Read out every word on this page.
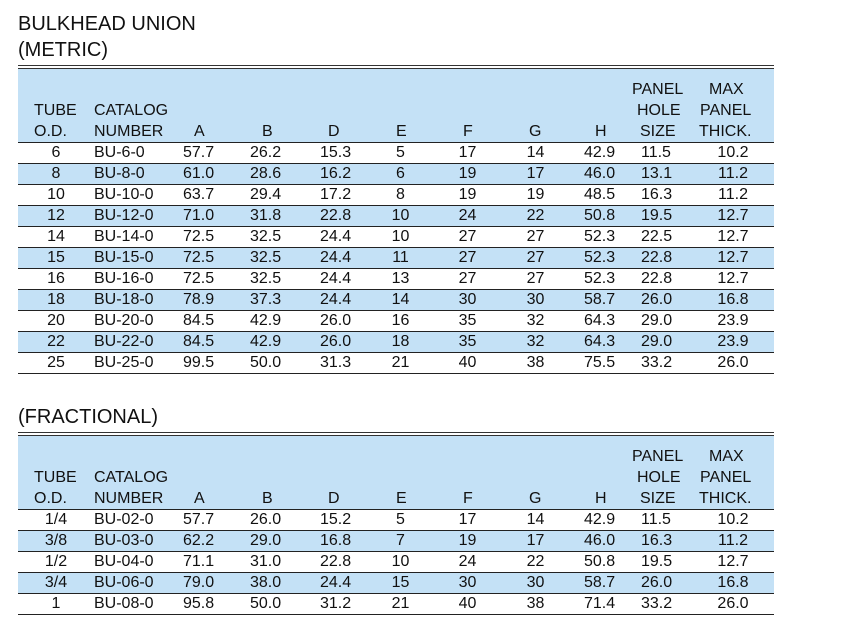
BULKHEAD UNION
(METRIC)
TUBE
O.D.
CATALOG
NUMBER A	B	D	E	F	G	H
PANEL
HOLE
SIZE
MAX
PANEL
THICK.
6	BU-6-0 57.7 26.2 15.3	5	17	14	42.9 11.5	10.2
8	BU-8-0 61.0 28.6 16.2	6	19	17	46.0 13.1	11.2
10	BU-10-0 63.7 29.4 17.2	8	19	19	48.5 16.3	11.2
12	BU-12-0 71.0 31.8 22.8	10	24	22	50.8 19.5	12.7
14	BU-14-0 72.5 32.5 24.4	10	27	27	52.3 22.5	12.7
15	BU-15-0 72.5 32.5 24.4	11	27	27	52.3 22.8	12.7
16	BU-16-0 72.5 32.5 24.4	13	27	27	52.3 22.8	12.7
18	BU-18-0 78.9 37.3 24.4	14	30	30	58.7 26.0	16.8
20	BU-20-0 84.5 42.9 26.0	16	35	32	64.3 29.0	23.9
22	BU-22-0 84.5 42.9 26.0	18	35	32	64.3 29.0	23.9
25	BU-25-0 99.5 50.0 31.3	21	40	38	75.5 33.2	26.0
(FRACTIONAL)
TUBE
O.D.
CATALOG
NUMBER A	B	D	E	F	G	H
PANEL
HOLE
SIZE
MAX
PANEL
THICK.
1/4	BU-02-0 57.7 26.0 15.2	5	17	14	42.9 11.5	10.2
3/8	BU-03-0 62.2 29.0 16.8	7	19	17	46.0 16.3	11.2
1/2	BU-04-0 71.1 31.0 22.8	10	24	22	50.8 19.5	12.7
3/4	BU-06-0 79.0 38.0 24.4	15	30	30	58.7 26.0	16.8
1	BU-08-0 95.8 50.0 31.2	21	40	38	71.4 33.2	26.0
